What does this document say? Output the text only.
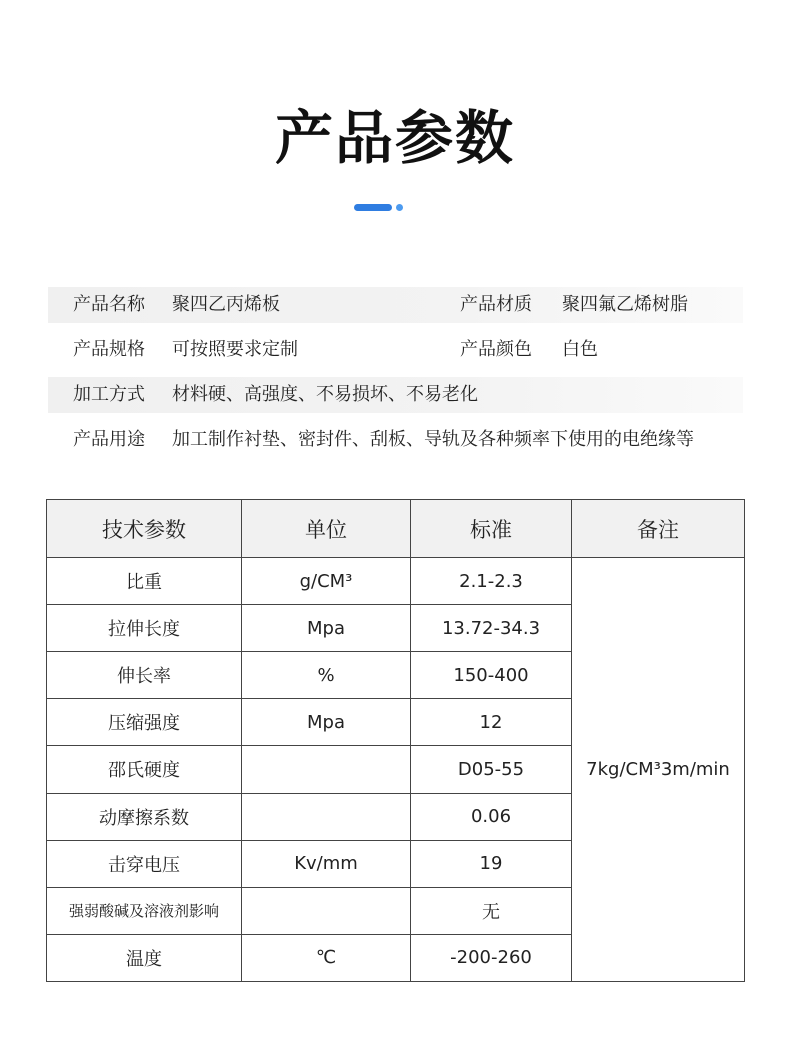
产品参数
产品名称 聚四乙丙烯板	产品材质 聚四氟乙烯树脂
产品规格 可按照要求定制	产品颜色 白色
加工方式 材料硬、高强度、不易损坏、不易老化
产品用途 加工制作衬垫、密封件、刮板、导轨及各种频率下使用的电绝缘等
技术参数	单位	标准	备注
比重	g/CM³	2.1-2.3	7kg/CM³3m/min
拉伸长度	Mpa	13.72-34.3	
伸长率	%	150-400	
压缩强度	Mpa	12	
邵氏硬度		D05-55	
动摩擦系数		0.06	
击穿电压	Kv/mm	19	
强弱酸碱及溶液剂影响		无	
温度	℃	-200-260	
